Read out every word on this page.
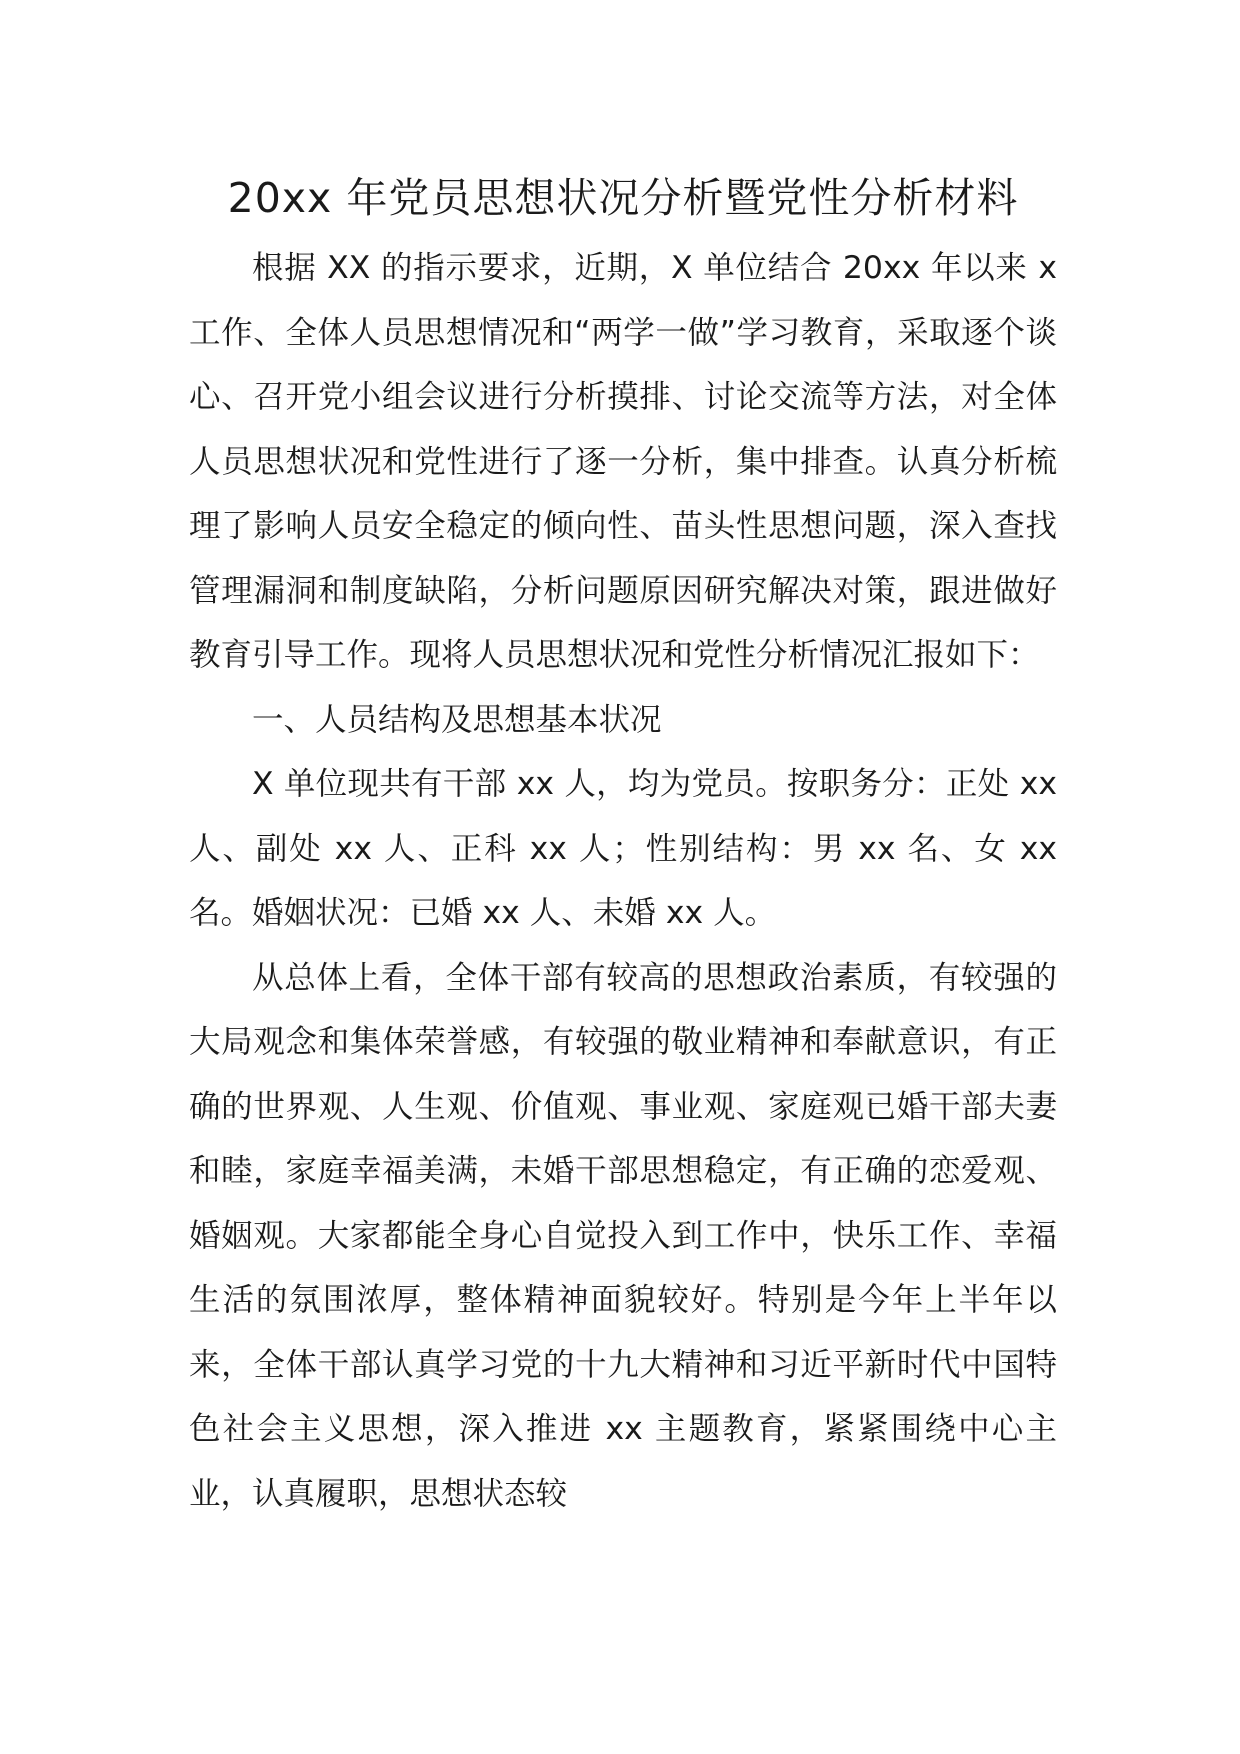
20xx 年党员思想状况分析暨党性分析材料

根据 XX 的指示要求，近期，X 单位结合 20xx 年以来 x 工作、全体人员思想情况和“两学一做”学习教育，采取逐个谈心、召开党小组会议进行分析摸排、讨论交流等方法，对全体人员思想状况和党性进行了逐一分析，集中排查。认真分析梳理了影响人员安全稳定的倾向性、苗头性思想问题，深入查找管理漏洞和制度缺陷，分析问题原因研究解决对策，跟进做好教育引导工作。现将人员思想状况和党性分析情况汇报如下：

一、人员结构及思想基本状况

X 单位现共有干部 xx 人，均为党员。按职务分：正处 xx 人、副处 xx 人、正科 xx 人；性别结构：男 xx 名、女 xx 名。婚姻状况：已婚 xx 人、未婚 xx 人。

从总体上看，全体干部有较高的思想政治素质，有较强的大局观念和集体荣誉感，有较强的敬业精神和奉献意识，有正确的世界观、人生观、价值观、事业观、家庭观已婚干部夫妻和睦，家庭幸福美满，未婚干部思想稳定，有正确的恋爱观、婚姻观。大家都能全身心自觉投入到工作中，快乐工作、幸福生活的氛围浓厚，整体精神面貌较好。特别是今年上半年以来，全体干部认真学习党的十九大精神和习近平新时代中国特色社会主义思想，深入推进 xx 主题教育，紧紧围绕中心主业，认真履职，思想状态较
